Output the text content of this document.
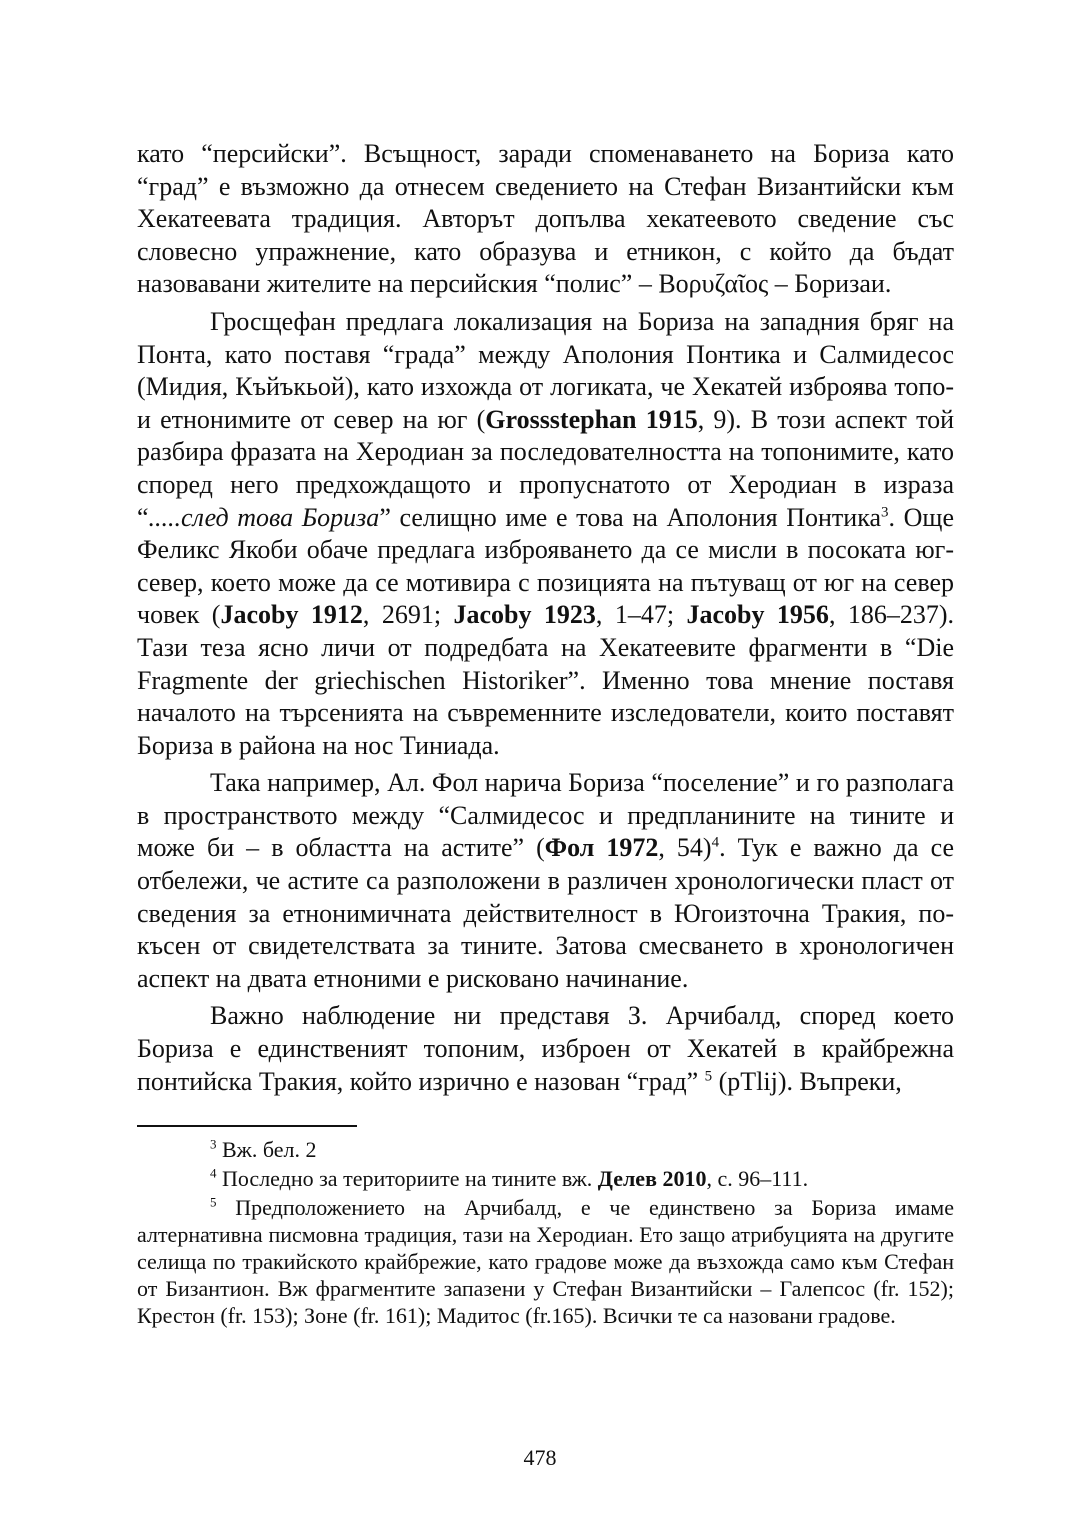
като “персийски”. Всъщност, заради споменаването на Бориза като “град” е възможно да отнесем сведението на Стефан Византийски към Хекатеевата традиция. Авторът допълва хекатеевото сведение със словесно упражнение, като образува и етникон, с който да бъдат назовавани жителите на персийския “полис” – Βορυζαῖος – Боризаи.

Гросщефан предлага локализация на Бориза на западния бряг на Понта, като поставя “града” между Аполония Понтика и Салмидесос (Мидия, Къйъкьой), като изхожда от логиката, че Хекатей изброява топо- и етнонимите от север на юг (Grossstephan 1915, 9). В този аспект той разбира фразата на Херодиан за последователността на топонимите, като според него предхождащото и пропуснатото от Херодиан в израза “.....след това Бориза” селищно име е това на Аполония Понтика$^3$. Още Феликс Якоби обаче предлага изброяването да се мисли в посоката юг-север, което може да се мотивира с позицията на пътуващ от юг на север човек (Jacoby 1912, 2691; Jacoby 1923, 1–47; Jacoby 1956, 186–237). Тази теза ясно личи от подредбата на Хекатеевите фрагменти в “Die Fragmente der griechischen Historiker”. Именно това мнение поставя началото на търсенията на съвременните изследователи, които поставят Бориза в района на нос Тиниада.

Така например, Ал. Фол нарича Бориза “поселение” и го разполага в пространството между “Салмидесос и предпланините на тините и може би – в областта на астите” (Фол 1972, 54)$^4$. Тук е важно да се отбележи, че астите са разположени в различен хронологически пласт от сведения за етнонимичната действителност в Югоизточна Тракия, по-късен от свидетелствата за тините. Затова смесването в хронологичен аспект на двата етноними е рисковано начинание.

Важно наблюдение ни представя З. Арчибалд, според което Бориза е единственият топоним, изброен от Хекатей в крайбрежна понтийска Тракия, който изрично е назован “град” $^5$ (pTlij). Въпреки,

$^3$ Вж. бел. 2

$^4$ Последно за териториите на тините вж. Делев 2010, с. 96–111.

$^5$ Предположението на Арчибалд, е че единствено за Бориза имаме алтернативна писмовна традиция, тази на Херодиан. Ето защо атрибуцията на другите селища по тракийското крайбрежие, като градове може да възхожда само към Стефан от Бизантион. Вж фрагментите запазени у Стефан Византийски – Галепсос (fr. 152); Крестон (fr. 153); Зоне (fr. 161); Мадитос (fr.165). Всички те са назовани градове.

478
